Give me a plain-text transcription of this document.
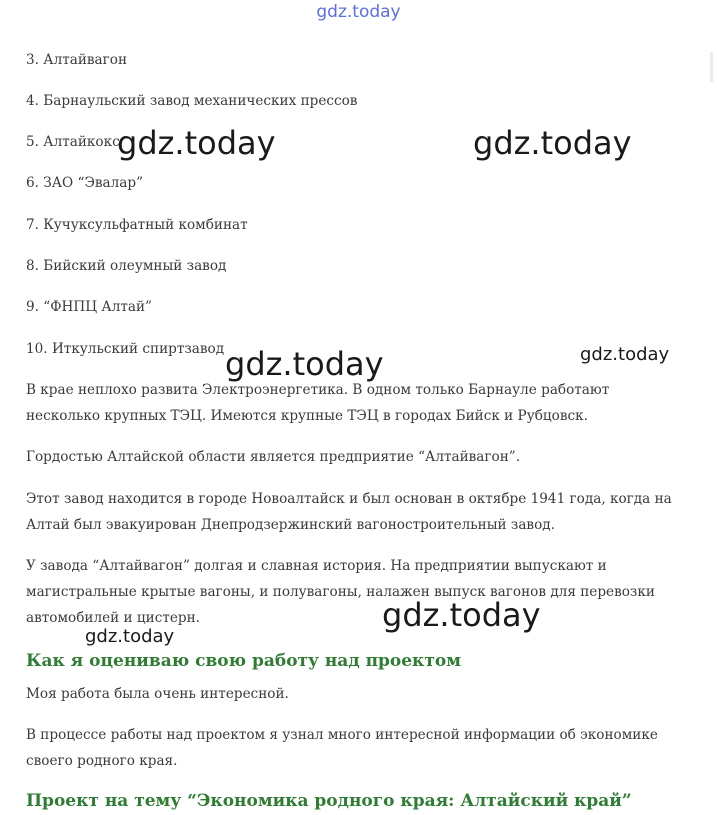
gdz.today

3. Алтайвагон

4. Барнаульский завод механических прессов

5. Алтайкокс

6. ЗАО “Эвалар”

7. Кучуксульфатный комбинат

8. Бийский олеумный завод

9. “ФНПЦ Алтай”

10. Иткульский спиртзавод

В крае неплохо развита Электроэнергетика. В одном только Барнауле работают несколько крупных ТЭЦ. Имеются крупные ТЭЦ в городах Бийск и Рубцовск.

Гордостью Алтайской области является предприятие “Алтайвагон”.

Этот завод находится в городе Новоалтайск и был основан в октябре 1941 года, когда на Алтай был эвакуирован Днепродзержинский вагоностроительный завод.

У завода “Алтайвагон” долгая и славная история. На предприятии выпускают и магистральные крытые вагоны, и полувагоны, налажен выпуск вагонов для перевозки автомобилей и цистерн.

Как я оцениваю свою работу над проектом

Моя работа была очень интересной.

В процессе работы над проектом я узнал много интересной информации об экономике своего родного края.

Проект на тему “Экономика родного края: Алтайский край”
gdz.today	gdz.today
gdz.today	gdz.today
gdz.today
gdz.today
